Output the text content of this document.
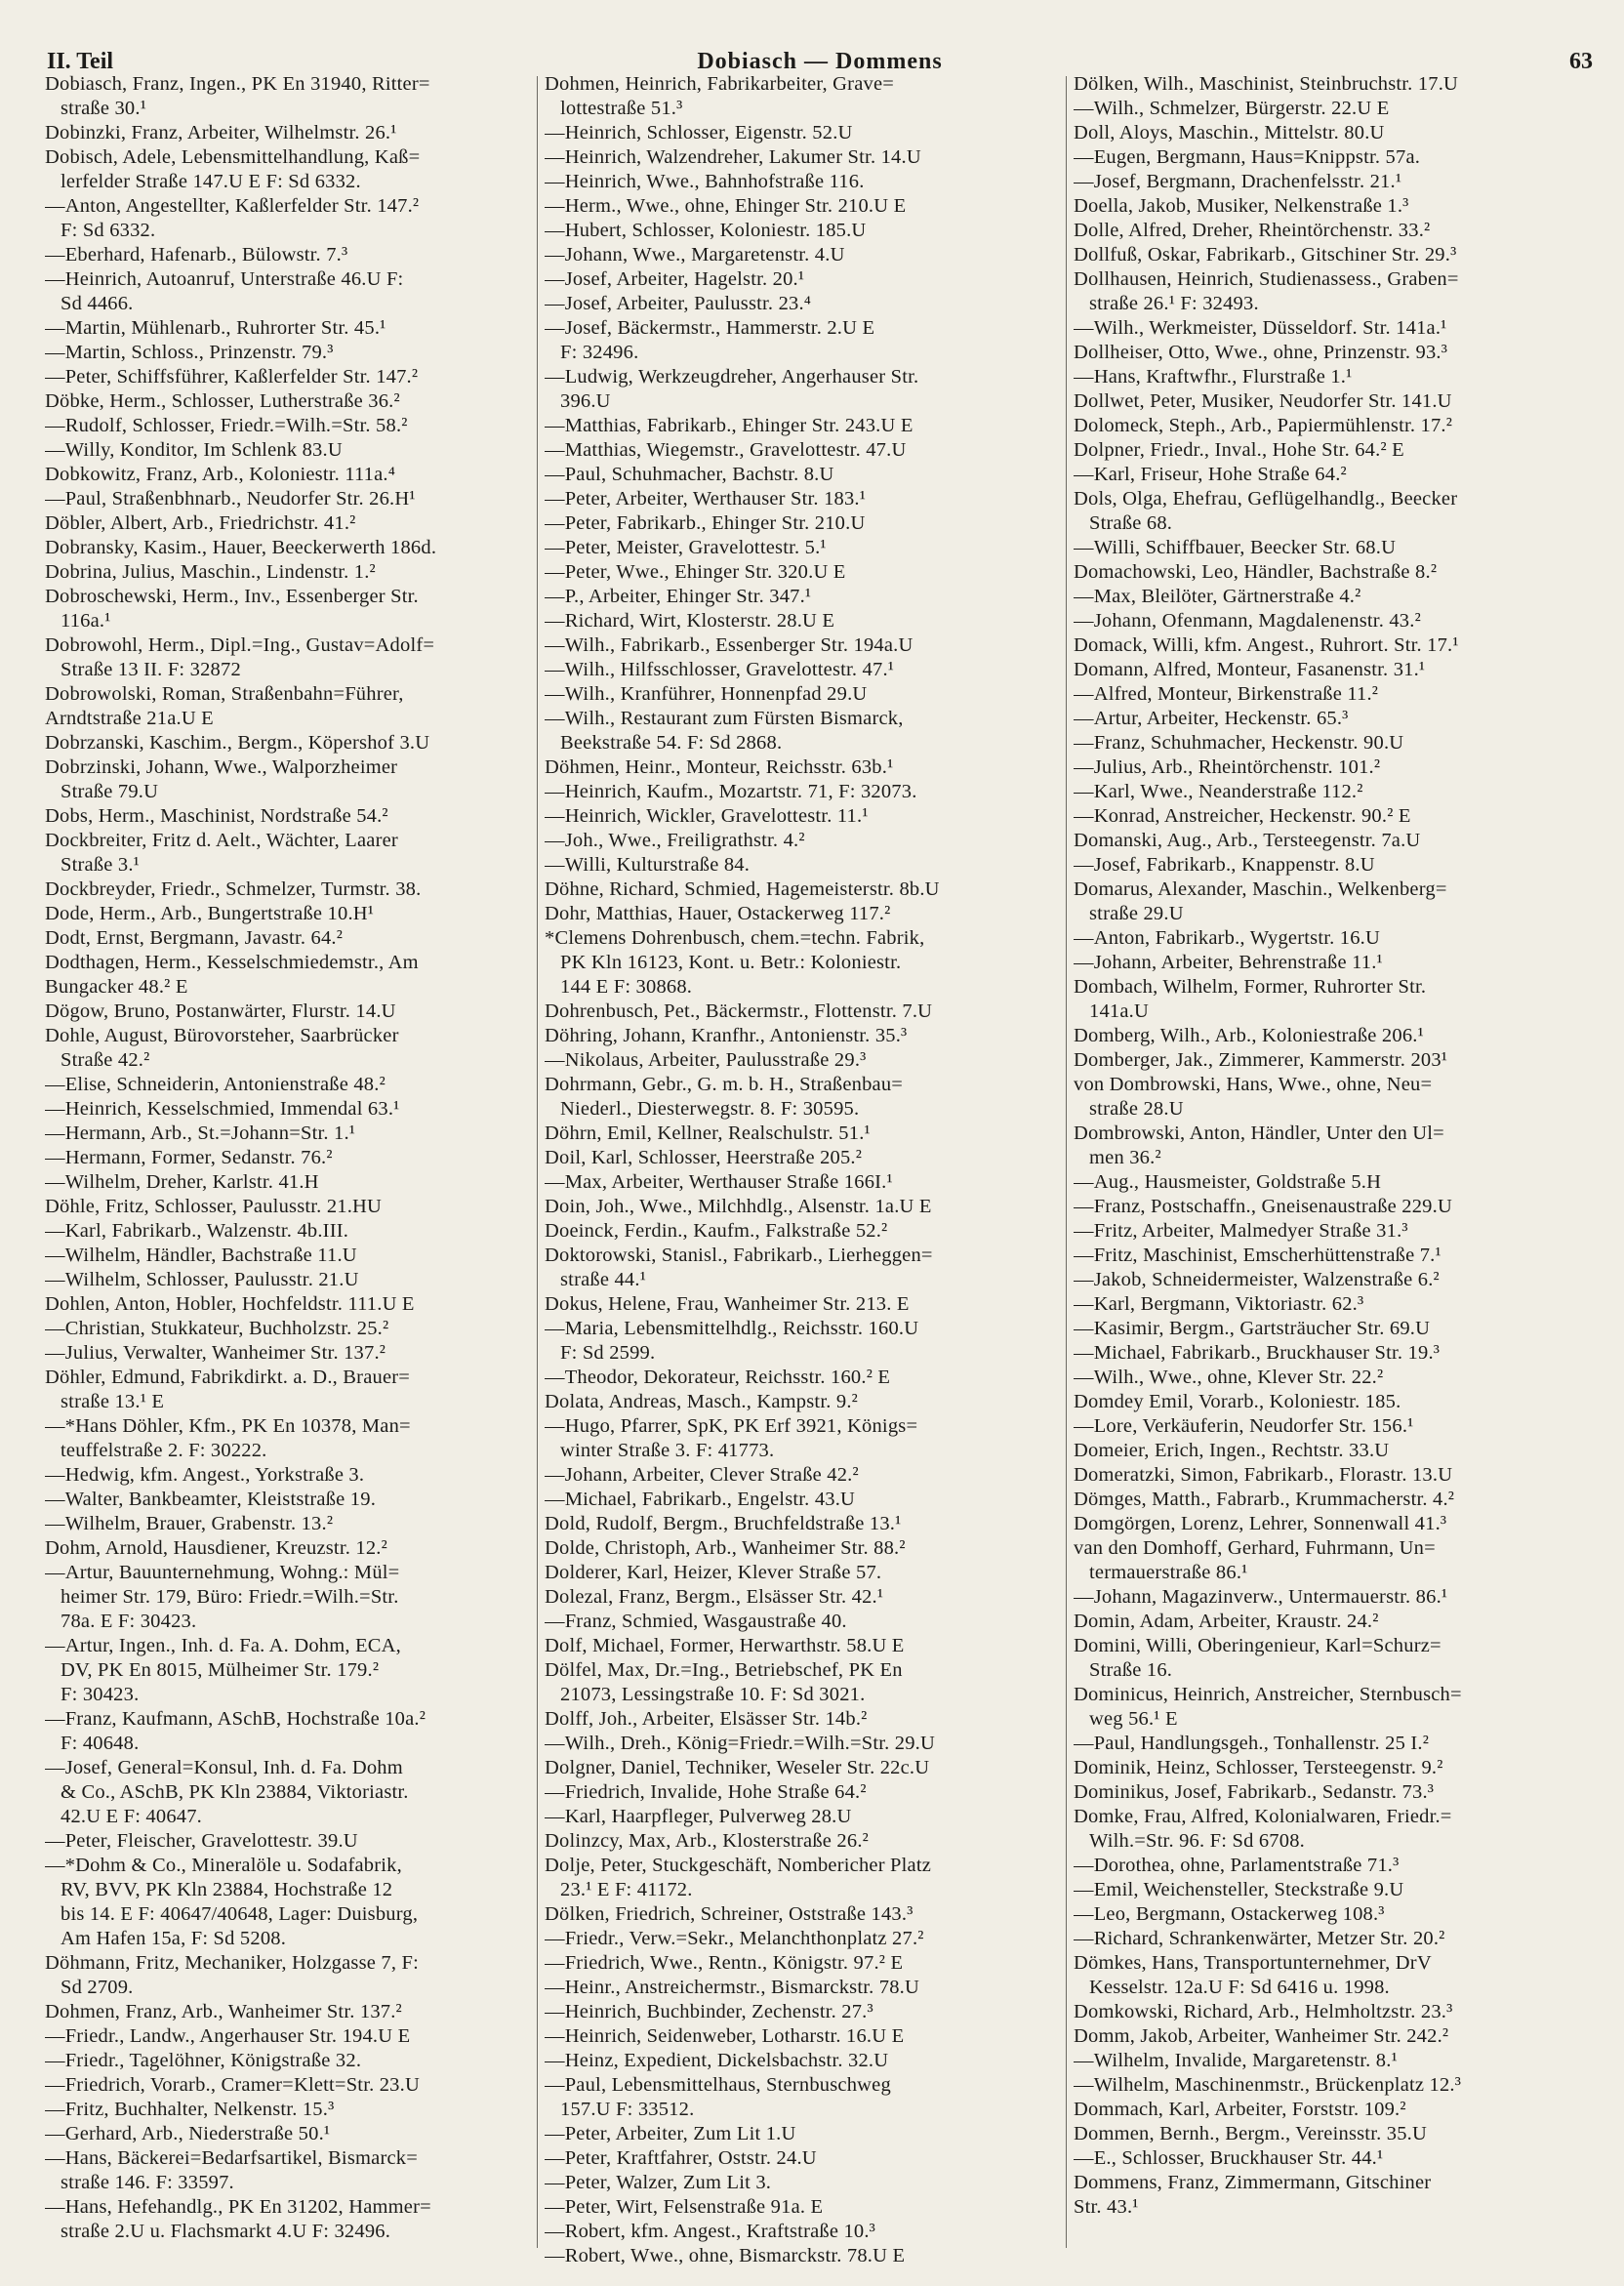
II. Teil	Dobiasch — Dommens	63
Dobiasch, Franz, Ingen., PK En 31940, Ritter=
straße 30.¹
Dobinzki, Franz, Arbeiter, Wilhelmstr. 26.¹
Dobisch, Adele, Lebensmittelhandlung, Kaß=
lerfelder Straße 147.U E F: Sd 6332.
—Anton, Angestellter, Kaßlerfelder Str. 147.²
F: Sd 6332.
—Eberhard, Hafenarb., Bülowstr. 7.³
—Heinrich, Autoanruf, Unterstraße 46.U F:
Sd 4466.
—Martin, Mühlenarb., Ruhrorter Str. 45.¹
—Martin, Schloss., Prinzenstr. 79.³
—Peter, Schiffsführer, Kaßlerfelder Str. 147.²
Döbke, Herm., Schlosser, Lutherstraße 36.²
—Rudolf, Schlosser, Friedr.=Wilh.=Str. 58.²
—Willy, Konditor, Im Schlenk 83.U
Dobkowitz, Franz, Arb., Koloniestr. 111a.⁴
—Paul, Straßenbhnarb., Neudorfer Str. 26.H¹
Döbler, Albert, Arb., Friedrichstr. 41.²
Dobransky, Kasim., Hauer, Beeckerwerth 186d.
Dobrina, Julius, Maschin., Lindenstr. 1.²
Dobroschewski, Herm., Inv., Essenberger Str.
116a.¹
Dobrowohl, Herm., Dipl.=Ing., Gustav=Adolf=
Straße 13 II. F: 32872
Dobrowolski, Roman, Straßenbahn=Führer,
Arndtstraße 21a.U E
Dobrzanski, Kaschim., Bergm., Köpershof 3.U
Dobrzinski, Johann, Wwe., Walporzheimer
Straße 79.U
Dobs, Herm., Maschinist, Nordstraße 54.²
Dockbreiter, Fritz d. Aelt., Wächter, Laarer
Straße 3.¹
Dockbreyder, Friedr., Schmelzer, Turmstr. 38.
Dode, Herm., Arb., Bungertstraße 10.H¹
Dodt, Ernst, Bergmann, Javastr. 64.²
Dodthagen, Herm., Kesselschmiedemstr., Am
Bungacker 48.² E
Dögow, Bruno, Postanwärter, Flurstr. 14.U
Dohle, August, Bürovorsteher, Saarbrücker
Straße 42.²
—Elise, Schneiderin, Antonienstraße 48.²
—Heinrich, Kesselschmied, Immendal 63.¹
—Hermann, Arb., St.=Johann=Str. 1.¹
—Hermann, Former, Sedanstr. 76.²
—Wilhelm, Dreher, Karlstr. 41.H
Döhle, Fritz, Schlosser, Paulusstr. 21.HU
—Karl, Fabrikarb., Walzenstr. 4b.III.
—Wilhelm, Händler, Bachstraße 11.U
—Wilhelm, Schlosser, Paulusstr. 21.U
Dohlen, Anton, Hobler, Hochfeldstr. 111.U E
—Christian, Stukkateur, Buchholzstr. 25.²
—Julius, Verwalter, Wanheimer Str. 137.²
Döhler, Edmund, Fabrikdirkt. a. D., Brauer=
straße 13.¹ E
—*Hans Döhler, Kfm., PK En 10378, Man=
teuffelstraße 2. F: 30222.
—Hedwig, kfm. Angest., Yorkstraße 3.
—Walter, Bankbeamter, Kleiststraße 19.
—Wilhelm, Brauer, Grabenstr. 13.²
Dohm, Arnold, Hausdiener, Kreuzstr. 12.²
—Artur, Bauunternehmung, Wohng.: Mül=
heimer Str. 179, Büro: Friedr.=Wilh.=Str.
78a. E F: 30423.
—Artur, Ingen., Inh. d. Fa. A. Dohm, ECA,
DV, PK En 8015, Mülheimer Str. 179.²
F: 30423.
—Franz, Kaufmann, ASchB, Hochstraße 10a.²
F: 40648.
—Josef, General=Konsul, Inh. d. Fa. Dohm
& Co., ASchB, PK Kln 23884, Viktoriastr.
42.U E F: 40647.
—Peter, Fleischer, Gravelottestr. 39.U
—*Dohm & Co., Mineralöle u. Sodafabrik,
RV, BVV, PK Kln 23884, Hochstraße 12
bis 14. E F: 40647/40648, Lager: Duisburg,
Am Hafen 15a, F: Sd 5208.
Döhmann, Fritz, Mechaniker, Holzgasse 7, F:
Sd 2709.
Dohmen, Franz, Arb., Wanheimer Str. 137.²
—Friedr., Landw., Angerhauser Str. 194.U E
—Friedr., Tagelöhner, Königstraße 32.
—Friedrich, Vorarb., Cramer=Klett=Str. 23.U
—Fritz, Buchhalter, Nelkenstr. 15.³
—Gerhard, Arb., Niederstraße 50.¹
—Hans, Bäckerei=Bedarfsartikel, Bismarck=
straße 146. F: 33597.
—Hans, Hefehandlg., PK En 31202, Hammer=
straße 2.U u. Flachsmarkt 4.U F: 32496.
Dohmen, Heinrich, Fabrikarbeiter, Grave=
lottestraße 51.³
—Heinrich, Schlosser, Eigenstr. 52.U
—Heinrich, Walzendreher, Lakumer Str. 14.U
—Heinrich, Wwe., Bahnhofstraße 116.
—Herm., Wwe., ohne, Ehinger Str. 210.U E
—Hubert, Schlosser, Koloniestr. 185.U
—Johann, Wwe., Margaretenstr. 4.U
—Josef, Arbeiter, Hagelstr. 20.¹
—Josef, Arbeiter, Paulusstr. 23.⁴
—Josef, Bäckermstr., Hammerstr. 2.U E
F: 32496.
—Ludwig, Werkzeugdreher, Angerhauser Str.
396.U
—Matthias, Fabrikarb., Ehinger Str. 243.U E
—Matthias, Wiegemstr., Gravelottestr. 47.U
—Paul, Schuhmacher, Bachstr. 8.U
—Peter, Arbeiter, Werthauser Str. 183.¹
—Peter, Fabrikarb., Ehinger Str. 210.U
—Peter, Meister, Gravelottestr. 5.¹
—Peter, Wwe., Ehinger Str. 320.U E
—P., Arbeiter, Ehinger Str. 347.¹
—Richard, Wirt, Klosterstr. 28.U E
—Wilh., Fabrikarb., Essenberger Str. 194a.U
—Wilh., Hilfsschlosser, Gravelottestr. 47.¹
—Wilh., Kranführer, Honnenpfad 29.U
—Wilh., Restaurant zum Fürsten Bismarck,
Beekstraße 54. F: Sd 2868.
Döhmen, Heinr., Monteur, Reichsstr. 63b.¹
—Heinrich, Kaufm., Mozartstr. 71, F: 32073.
—Heinrich, Wickler, Gravelottestr. 11.¹
—Joh., Wwe., Freiligrathstr. 4.²
—Willi, Kulturstraße 84.
Döhne, Richard, Schmied, Hagemeisterstr. 8b.U
Dohr, Matthias, Hauer, Ostackerweg 117.²
*Clemens Dohrenbusch, chem.=techn. Fabrik,
PK Kln 16123, Kont. u. Betr.: Koloniestr.
144 E F: 30868.
Dohrenbusch, Pet., Bäckermstr., Flottenstr. 7.U
Döhring, Johann, Kranfhr., Antonienstr. 35.³
—Nikolaus, Arbeiter, Paulusstraße 29.³
Dohrmann, Gebr., G. m. b. H., Straßenbau=
Niederl., Diesterwegstr. 8. F: 30595.
Döhrn, Emil, Kellner, Realschulstr. 51.¹
Doil, Karl, Schlosser, Heerstraße 205.²
—Max, Arbeiter, Werthauser Straße 166I.¹
Doin, Joh., Wwe., Milchhdlg., Alsenstr. 1a.U E
Doeinck, Ferdin., Kaufm., Falkstraße 52.²
Doktorowski, Stanisl., Fabrikarb., Lierheggen=
straße 44.¹
Dokus, Helene, Frau, Wanheimer Str. 213. E
—Maria, Lebensmittelhdlg., Reichsstr. 160.U
F: Sd 2599.
—Theodor, Dekorateur, Reichsstr. 160.² E
Dolata, Andreas, Masch., Kampstr. 9.²
—Hugo, Pfarrer, SpK, PK Erf 3921, Königs=
winter Straße 3. F: 41773.
—Johann, Arbeiter, Clever Straße 42.²
—Michael, Fabrikarb., Engelstr. 43.U
Dold, Rudolf, Bergm., Bruchfeldstraße 13.¹
Dolde, Christoph, Arb., Wanheimer Str. 88.²
Dolderer, Karl, Heizer, Klever Straße 57.
Dolezal, Franz, Bergm., Elsässer Str. 42.¹
—Franz, Schmied, Wasgaustraße 40.
Dolf, Michael, Former, Herwarthstr. 58.U E
Dölfel, Max, Dr.=Ing., Betriebschef, PK En
21073, Lessingstraße 10. F: Sd 3021.
Dolff, Joh., Arbeiter, Elsässer Str. 14b.²
—Wilh., Dreh., König=Friedr.=Wilh.=Str. 29.U
Dolgner, Daniel, Techniker, Weseler Str. 22c.U
—Friedrich, Invalide, Hohe Straße 64.²
—Karl, Haarpfleger, Pulverweg 28.U
Dolinzcy, Max, Arb., Klosterstraße 26.²
Dolje, Peter, Stuckgeschäft, Nombericher Platz
23.¹ E F: 41172.
Dölken, Friedrich, Schreiner, Oststraße 143.³
—Friedr., Verw.=Sekr., Melanchthonplatz 27.²
—Friedrich, Wwe., Rentn., Königstr. 97.² E
—Heinr., Anstreichermstr., Bismarckstr. 78.U
—Heinrich, Buchbinder, Zechenstr. 27.³
—Heinrich, Seidenweber, Lotharstr. 16.U E
—Heinz, Expedient, Dickelsbachstr. 32.U
—Paul, Lebensmittelhaus, Sternbuschweg
157.U F: 33512.
—Peter, Arbeiter, Zum Lit 1.U
—Peter, Kraftfahrer, Oststr. 24.U
—Peter, Walzer, Zum Lit 3.
—Peter, Wirt, Felsenstraße 91a. E
—Robert, kfm. Angest., Kraftstraße 10.³
—Robert, Wwe., ohne, Bismarckstr. 78.U E
Dölken, Wilh., Maschinist, Steinbruchstr. 17.U
—Wilh., Schmelzer, Bürgerstr. 22.U E
Doll, Aloys, Maschin., Mittelstr. 80.U
—Eugen, Bergmann, Haus=Knippstr. 57a.
—Josef, Bergmann, Drachenfelsstr. 21.¹
Doella, Jakob, Musiker, Nelkenstraße 1.³
Dolle, Alfred, Dreher, Rheintörchenstr. 33.²
Dollfuß, Oskar, Fabrikarb., Gitschiner Str. 29.³
Dollhausen, Heinrich, Studienassess., Graben=
straße 26.¹ F: 32493.
—Wilh., Werkmeister, Düsseldorf. Str. 141a.¹
Dollheiser, Otto, Wwe., ohne, Prinzenstr. 93.³
—Hans, Kraftwfhr., Flurstraße 1.¹
Dollwet, Peter, Musiker, Neudorfer Str. 141.U
Dolomeck, Steph., Arb., Papiermühlenstr. 17.²
Dolpner, Friedr., Inval., Hohe Str. 64.² E
—Karl, Friseur, Hohe Straße 64.²
Dols, Olga, Ehefrau, Geflügelhandlg., Beecker
Straße 68.
—Willi, Schiffbauer, Beecker Str. 68.U
Domachowski, Leo, Händler, Bachstraße 8.²
—Max, Bleilöter, Gärtnerstraße 4.²
—Johann, Ofenmann, Magdalenenstr. 43.²
Domack, Willi, kfm. Angest., Ruhrort. Str. 17.¹
Domann, Alfred, Monteur, Fasanenstr. 31.¹
—Alfred, Monteur, Birkenstraße 11.²
—Artur, Arbeiter, Heckenstr. 65.³
—Franz, Schuhmacher, Heckenstr. 90.U
—Julius, Arb., Rheintörchenstr. 101.²
—Karl, Wwe., Neanderstraße 112.²
—Konrad, Anstreicher, Heckenstr. 90.² E
Domanski, Aug., Arb., Tersteegenstr. 7a.U
—Josef, Fabrikarb., Knappenstr. 8.U
Domarus, Alexander, Maschin., Welkenberg=
straße 29.U
—Anton, Fabrikarb., Wygertstr. 16.U
—Johann, Arbeiter, Behrenstraße 11.¹
Dombach, Wilhelm, Former, Ruhrorter Str.
141a.U
Domberg, Wilh., Arb., Koloniestraße 206.¹
Domberger, Jak., Zimmerer, Kammerstr. 203¹
von Dombrowski, Hans, Wwe., ohne, Neu=
straße 28.U
Dombrowski, Anton, Händler, Unter den Ul=
men 36.²
—Aug., Hausmeister, Goldstraße 5.H
—Franz, Postschaffn., Gneisenaustraße 229.U
—Fritz, Arbeiter, Malmedyer Straße 31.³
—Fritz, Maschinist, Emscherhüttenstraße 7.¹
—Jakob, Schneidermeister, Walzenstraße 6.²
—Karl, Bergmann, Viktoriastr. 62.³
—Kasimir, Bergm., Gartsträucher Str. 69.U
—Michael, Fabrikarb., Bruckhauser Str. 19.³
—Wilh., Wwe., ohne, Klever Str. 22.²
Domdey Emil, Vorarb., Koloniestr. 185.
—Lore, Verkäuferin, Neudorfer Str. 156.¹
Domeier, Erich, Ingen., Rechtstr. 33.U
Domeratzki, Simon, Fabrikarb., Florastr. 13.U
Dömges, Matth., Fabrarb., Krummacherstr. 4.²
Domgörgen, Lorenz, Lehrer, Sonnenwall 41.³
van den Domhoff, Gerhard, Fuhrmann, Un=
termauerstraße 86.¹
—Johann, Magazinverw., Untermauerstr. 86.¹
Domin, Adam, Arbeiter, Kraustr. 24.²
Domini, Willi, Oberingenieur, Karl=Schurz=
Straße 16.
Dominicus, Heinrich, Anstreicher, Sternbusch=
weg 56.¹ E
—Paul, Handlungsgeh., Tonhallenstr. 25 I.²
Dominik, Heinz, Schlosser, Tersteegenstr. 9.²
Dominikus, Josef, Fabrikarb., Sedanstr. 73.³
Domke, Frau, Alfred, Kolonialwaren, Friedr.=
Wilh.=Str. 96. F: Sd 6708.
—Dorothea, ohne, Parlamentstraße 71.³
—Emil, Weichensteller, Steckstraße 9.U
—Leo, Bergmann, Ostackerweg 108.³
—Richard, Schrankenwärter, Metzer Str. 20.²
Dömkes, Hans, Transportunternehmer, DrV
Kesselstr. 12a.U F: Sd 6416 u. 1998.
Domkowski, Richard, Arb., Helmholtzstr. 23.³
Domm, Jakob, Arbeiter, Wanheimer Str. 242.²
—Wilhelm, Invalide, Margaretenstr. 8.¹
—Wilhelm, Maschinenmstr., Brückenplatz 12.³
Dommach, Karl, Arbeiter, Forststr. 109.²
Dommen, Bernh., Bergm., Vereinsstr. 35.U
—E., Schlosser, Bruckhauser Str. 44.¹
Dommens, Franz, Zimmermann, Gitschiner
Str. 43.¹
